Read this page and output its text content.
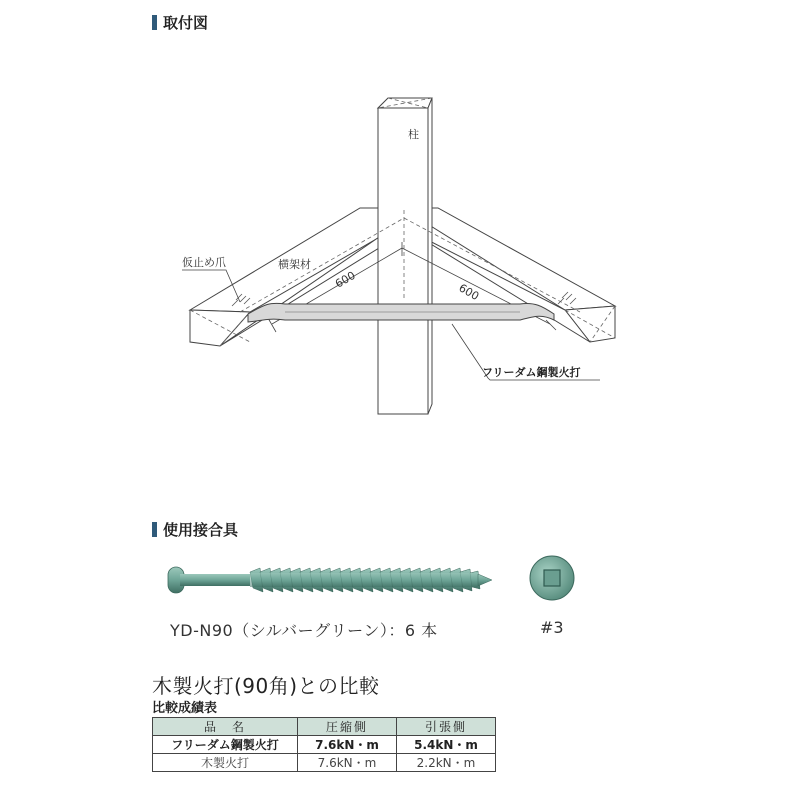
取付図
600
600
柱
横架材
仮止め爪
フリーダム鋼製火打
使用接合具
YD-N90（シルバーグリーン）：6 本	#3
木製火打(90角)との比較
比較成績表
品　名	圧縮側	引張側
フリーダム鋼製火打	7.6kN・m	5.4kN・m
木製火打	7.6kN・m	2.2kN・m
